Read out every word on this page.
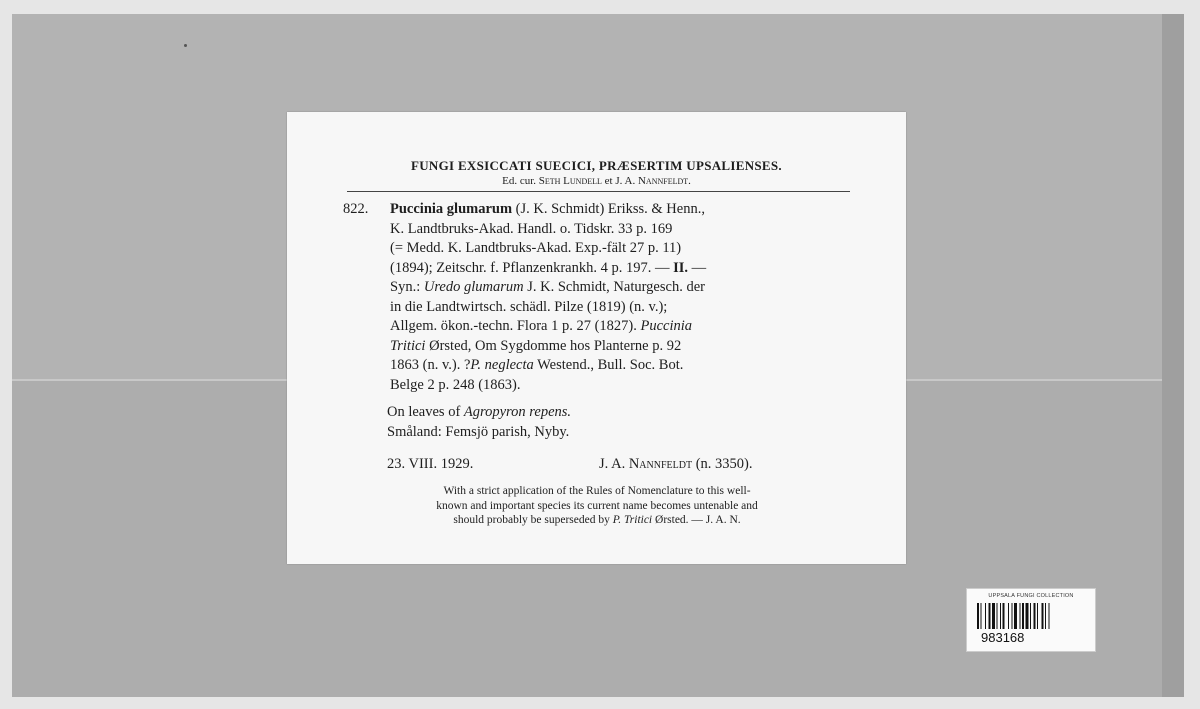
FUNGI EXSICCATI SUECICI, PRÆSERTIM UPSALIENSES.
Ed. cur. Seth Lundell et J. A. Nannfeldt.
822.	Puccinia glumarum (J. K. Schmidt) Erikss. & Henn.,
K. Landtbruks-Akad. Handl. o. Tidskr. 33 p. 169
(= Medd. K. Landtbruks-Akad. Exp.-fält 27 p. 11)
(1894); Zeitschr. f. Pflanzenkrankh. 4 p. 197. — II. —
Syn.: Uredo glumarum J. K. Schmidt, Naturgesch. der
in die Landtwirtsch. schädl. Pilze (1819) (n. v.);
Allgem. ökon.-techn. Flora 1 p. 27 (1827). Puccinia
Tritici Ørsted, Om Sygdomme hos Planterne p. 92
1863 (n. v.). ?P. neglecta Westend., Bull. Soc. Bot.
Belge 2 p. 248 (1863).
On leaves of Agropyron repens.
Småland: Femsjö parish, Nyby.
23. VIII. 1929.	J. A. Nannfeldt (n. 3350).
With a strict application of the Rules of Nomenclature to this well-
known and important species its current name becomes untenable and
should probably be superseded by P. Tritici Ørsted. — J. A. N.
UPPSALA FUNGI COLLECTION
983168
